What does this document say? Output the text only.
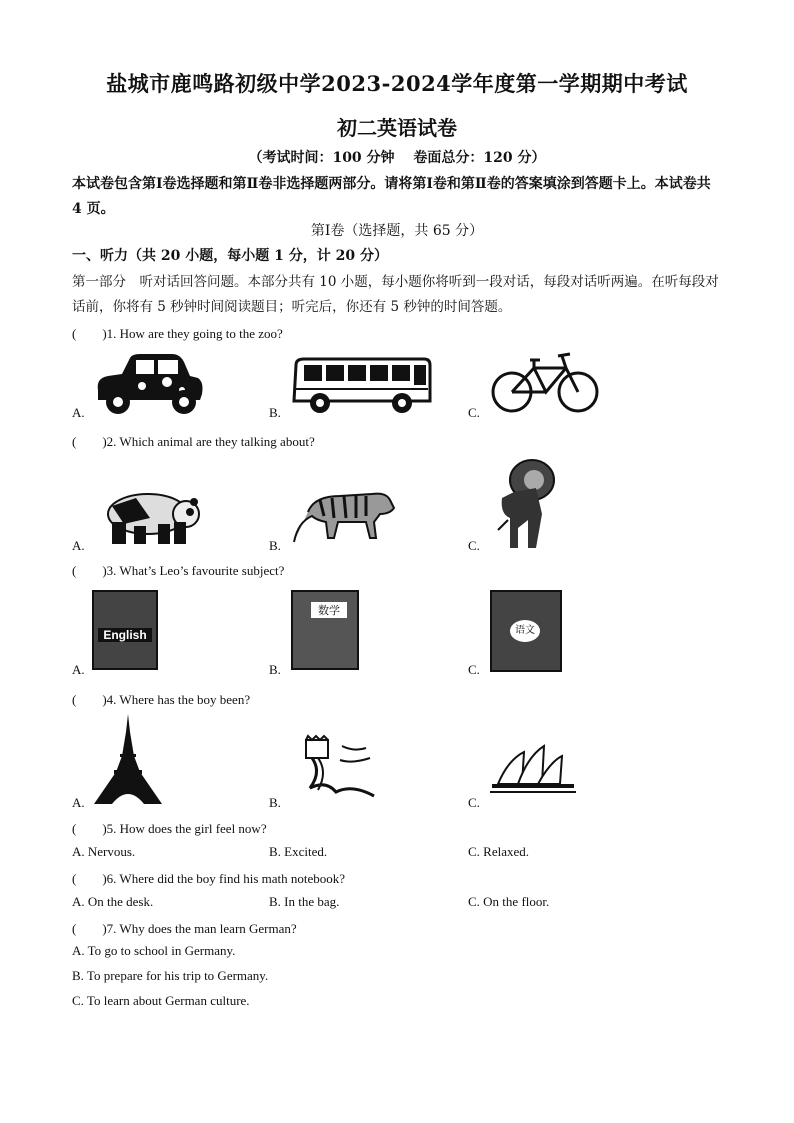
盐城市鹿鸣路初级中学2023-2024学年度第一学期期中考试
初二英语试卷
（考试时间：100 分钟　 卷面总分：120 分）
本试卷包含第Ⅰ卷选择题和第Ⅱ卷非选择题两部分。请将第Ⅰ卷和第Ⅱ卷的答案填涂到答题卡上。本试卷共 4 页。
第Ⅰ卷（选择题，共 65 分）
一、听力（共 20 小题，每小题 1 分，计 20 分）
第一部分　听对话回答问题。本部分共有 10 小题，每小题你将听到一段对话，每段对话听两遍。在听每段对话前，你将有 5 秒钟时间阅读题目；听完后，你还有 5 秒钟的时间答题。
(　　)1. How are they going to the zoo?
A.	B.	C.
(　　)2. Which animal are they talking about?
A.	B.	C.
(　　)3. What’s Leo’s favourite subject?
A.	B.	C.
English
数学
语文
(　　)4. Where has the boy been?
A.	B.	C.
(　　)5. How does the girl feel now?
A. Nervous.	B. Excited.	C. Relaxed.
(　　)6. Where did the boy find his math notebook?
A. On the desk.	B. In the bag.	C. On the floor.
(　　)7. Why does the man learn German?
A. To go to school in Germany.
B. To prepare for his trip to Germany.
C. To learn about German culture.
